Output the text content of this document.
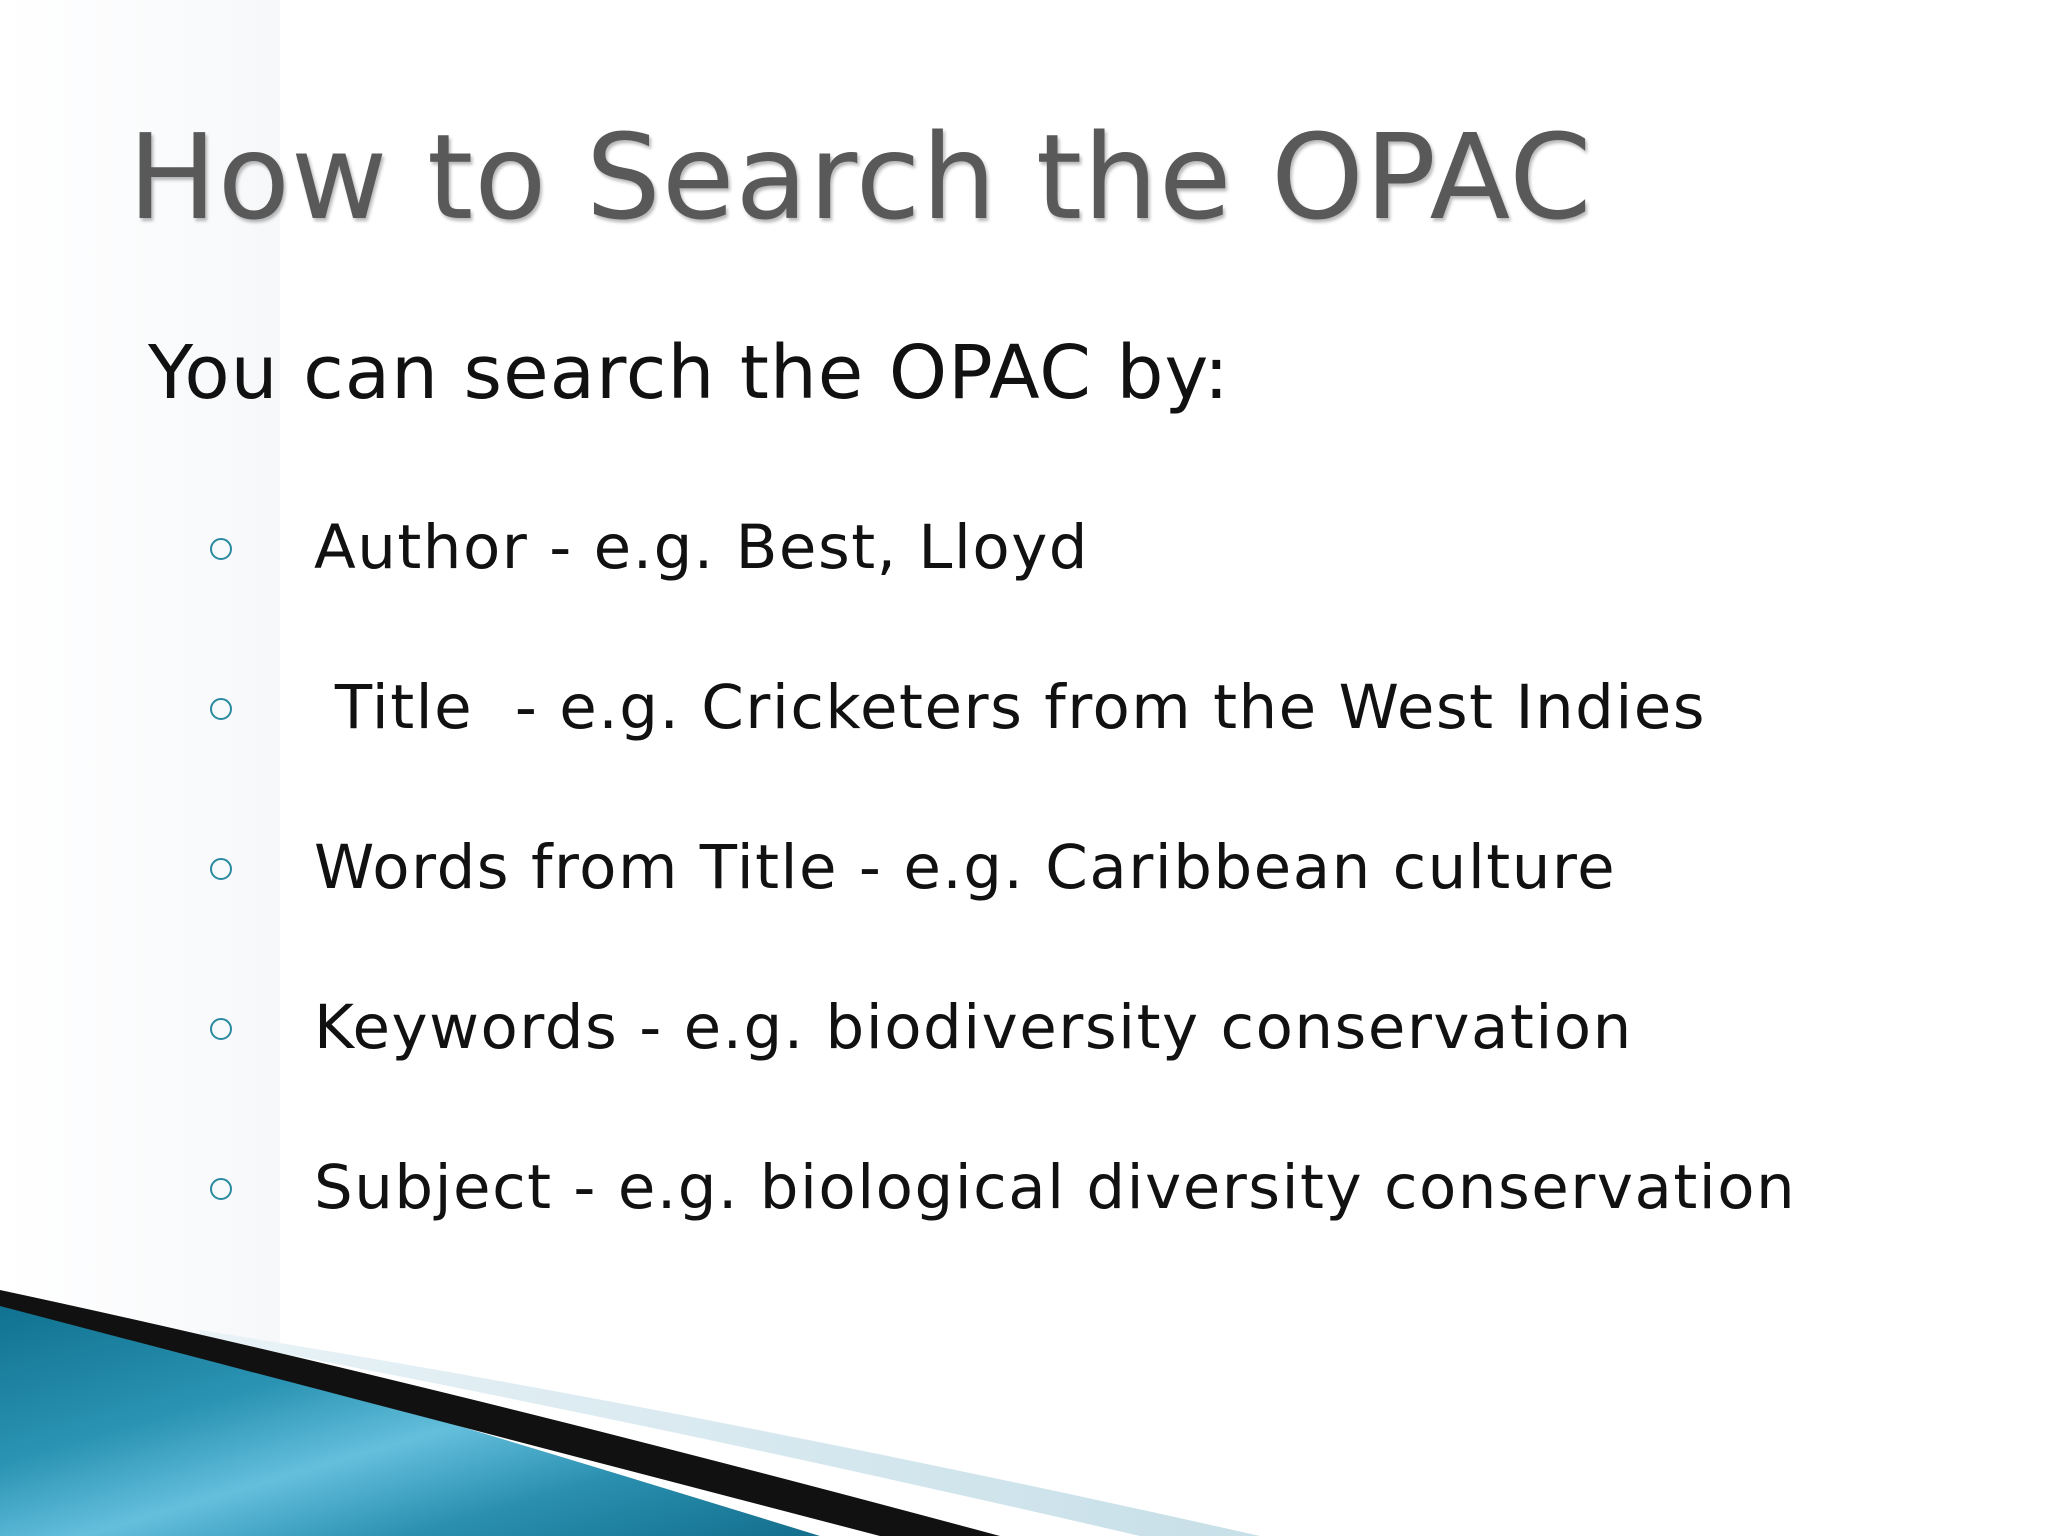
How to Search the OPAC

You can search the OPAC by:

Author - e.g. Best, Lloyd
Title  - e.g. Cricketers from the West Indies
Words from Title - e.g. Caribbean culture
Keywords - e.g. biodiversity conservation
Subject - e.g. biological diversity conservation
